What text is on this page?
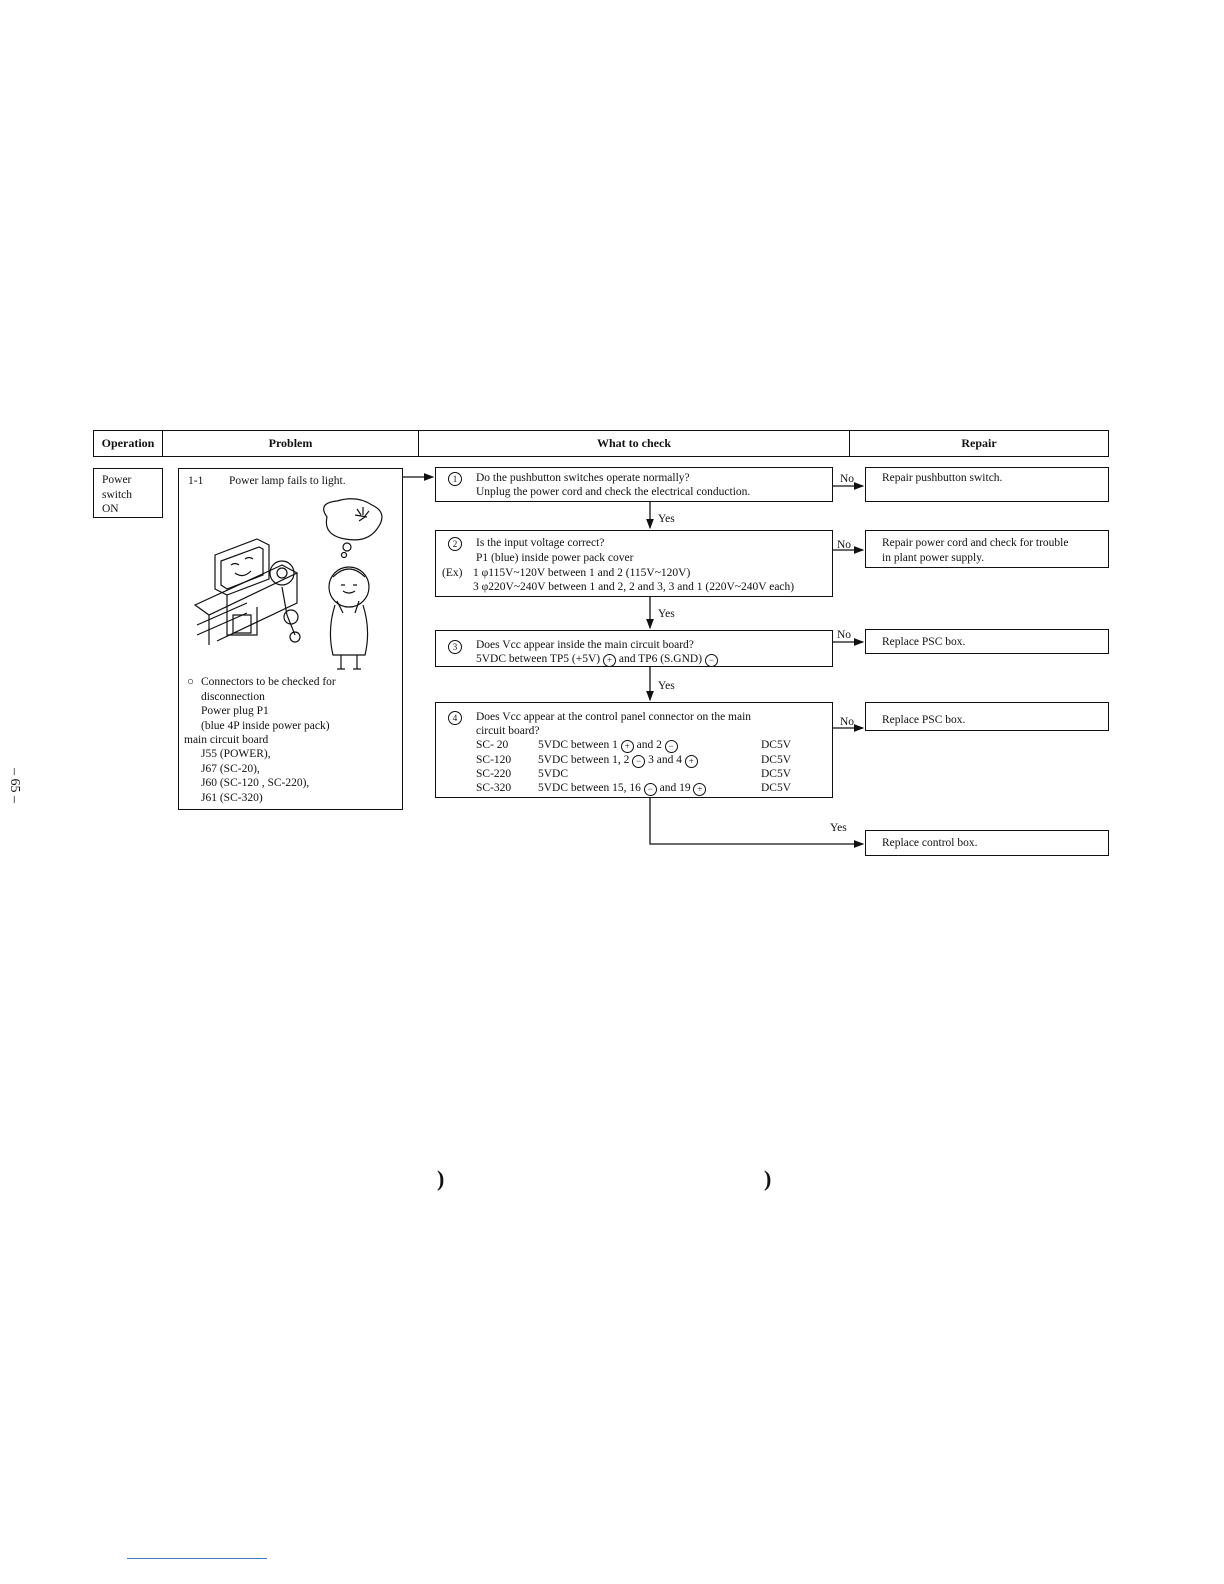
Operation	Problem	What to check	Repair
Power
switch
ON
1-1 Power lamp fails to light.
○ Connectors to be checked for
disconnection
Power plug P1
(blue 4P inside power pack)
main circuit board
J55 (POWER),
J67 (SC-20),
J60 (SC-120 , SC-220),
J61 (SC-320)
1	Do the pushbutton switches operate normally?
Unplug the power cord and check the electrical conduction.
2	Is the input voltage correct?
P1 (blue) inside power pack cover
(Ex) 1 φ115V~120V between 1 and 2 (115V~120V)
3 φ220V~240V between 1 and 2, 2 and 3, 3 and 1 (220V~240V each)
3	Does Vcc appear inside the main circuit board?
5VDC between TP5 (+5V) + and TP6 (S.GND) −
4	Does Vcc appear at the control panel connector on the main
circuit board?
SC- 20	5VDC between 1 + and 2 −	DC5V
SC-120 5VDC between 1, 2 − 3 and 4 +	DC5V
SC-220 5VDC	DC5V
SC-320 5VDC between 15, 16 − and 19 +	DC5V
Repair pushbutton switch.
Repair power cord and check for trouble
in plant power supply.
Replace PSC box.
Replace PSC box.
Replace control box.
Yes
Yes
Yes
Yes
No
No
No
No
– 65 –
)	)
